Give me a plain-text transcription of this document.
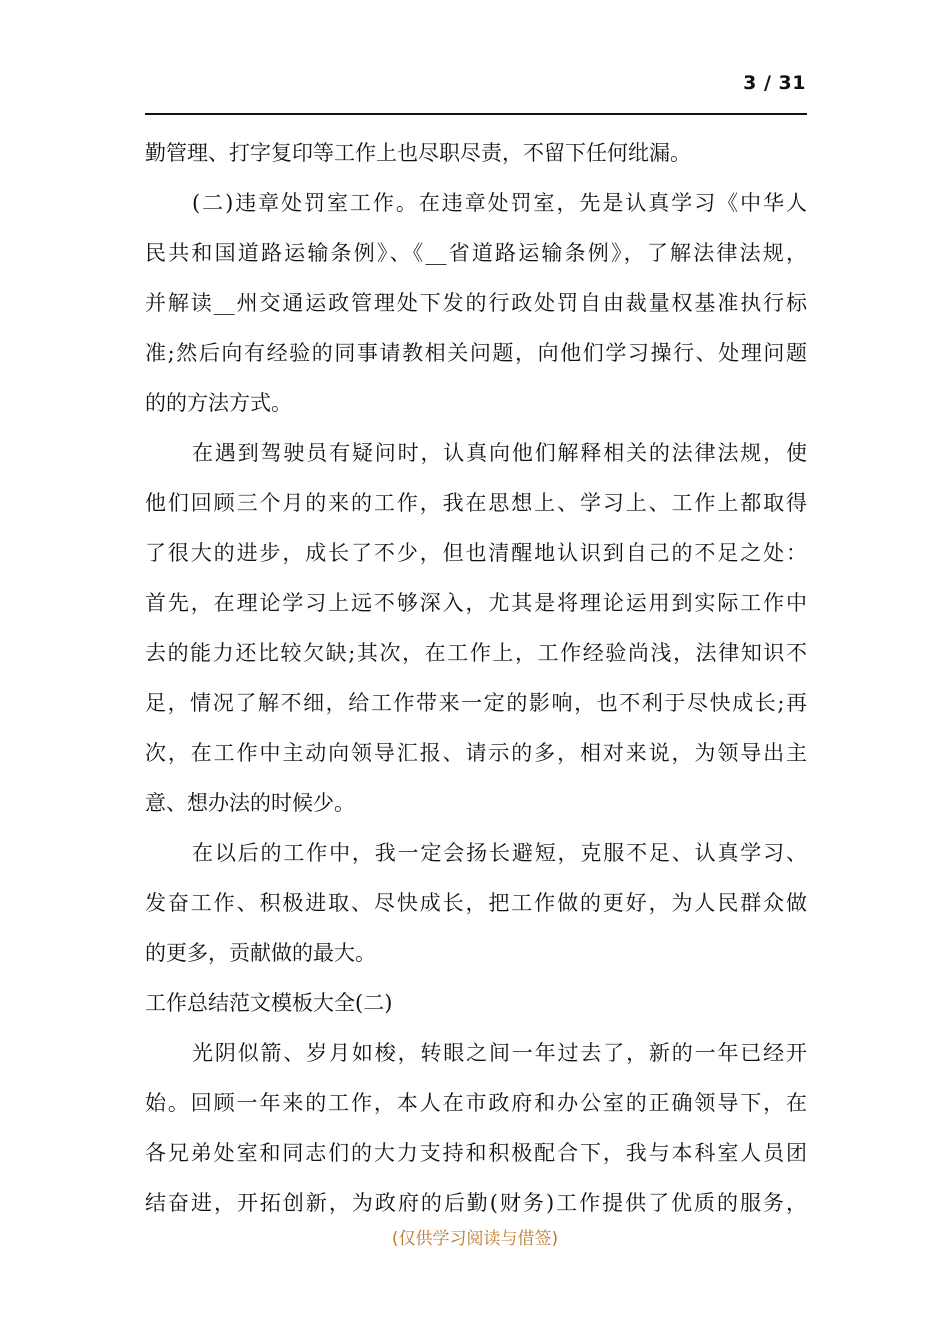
3 / 31
勤管理、打字复印等工作上也尽职尽责，不留下任何纰漏。
(二)违章处罚室工作。在违章处罚室，先是认真学习《中华人
民共和国道路运输条例》、《__省道路运输条例》，了解法律法规，
并解读__州交通运政管理处下发的行政处罚自由裁量权基准执行标
准;然后向有经验的同事请教相关问题，向他们学习操行、处理问题
的的方法方式。
在遇到驾驶员有疑问时，认真向他们解释相关的法律法规，使
他们回顾三个月的来的工作，我在思想上、学习上、工作上都取得
了很大的进步，成长了不少，但也清醒地认识到自己的不足之处：
首先，在理论学习上远不够深入，尤其是将理论运用到实际工作中
去的能力还比较欠缺;其次，在工作上，工作经验尚浅，法律知识不
足，情况了解不细，给工作带来一定的影响，也不利于尽快成长;再
次，在工作中主动向领导汇报、请示的多，相对来说，为领导出主
意、想办法的时候少。
在以后的工作中，我一定会扬长避短，克服不足、认真学习、
发奋工作、积极进取、尽快成长，把工作做的更好，为人民群众做
的更多，贡献做的最大。
工作总结范文模板大全(二)
光阴似箭、岁月如梭，转眼之间一年过去了，新的一年已经开
始。回顾一年来的工作，本人在市政府和办公室的正确领导下，在
各兄弟处室和同志们的大力支持和积极配合下，我与本科室人员团
结奋进，开拓创新，为政府的后勤(财务)工作提供了优质的服务，
(仅供学习阅读与借签)
